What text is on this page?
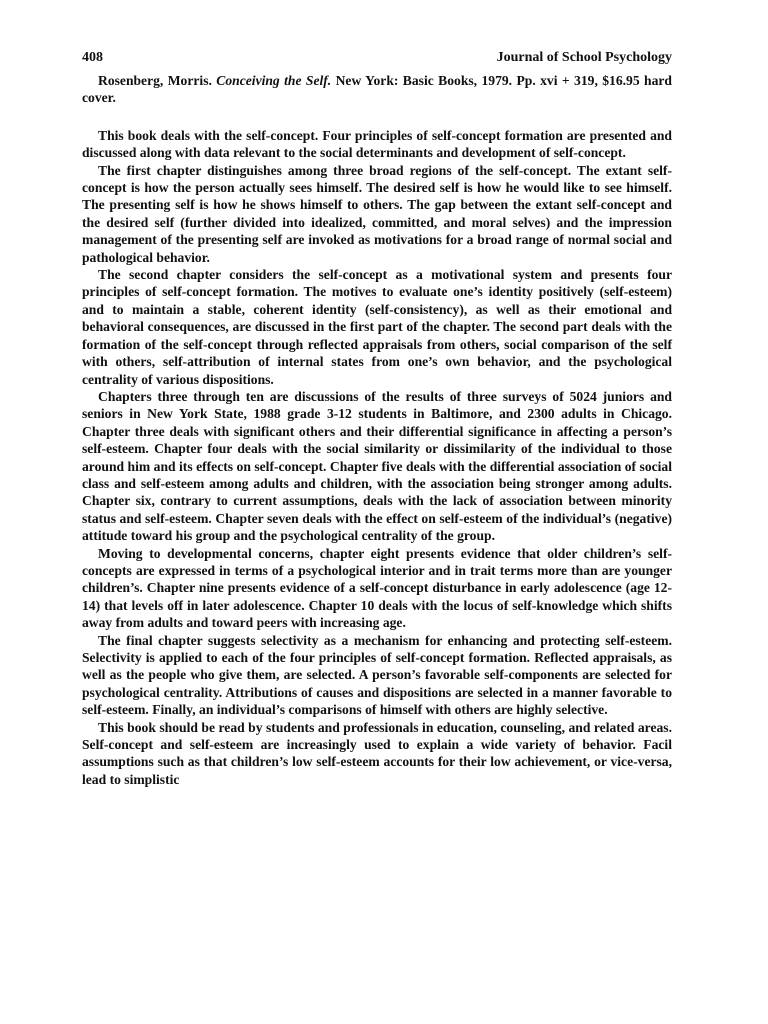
408	Journal of School Psychology

Rosenberg, Morris. Conceiving the Self. New York: Basic Books, 1979. Pp. xvi + 319, $16.95 hard cover.

This book deals with the self-concept. Four principles of self-concept formation are presented and discussed along with data relevant to the social determinants and development of self-concept.

The first chapter distinguishes among three broad regions of the self-concept. The extant self-concept is how the person actually sees himself. The desired self is how he would like to see himself. The presenting self is how he shows himself to others. The gap between the extant self-concept and the desired self (further divided into idealized, committed, and moral selves) and the impression management of the presenting self are invoked as motivations for a broad range of normal social and pathological behavior.

The second chapter considers the self-concept as a motivational system and presents four principles of self-concept formation. The motives to evaluate one’s identity positively (self-esteem) and to maintain a stable, coherent identity (self-consistency), as well as their emotional and behavioral consequences, are discussed in the first part of the chapter. The second part deals with the formation of the self-concept through reflected appraisals from others, social comparison of the self with others, self-attribution of internal states from one’s own behavior, and the psychological centrality of various dispositions.

Chapters three through ten are discussions of the results of three surveys of 5024 juniors and seniors in New York State, 1988 grade 3-12 students in Baltimore, and 2300 adults in Chicago. Chapter three deals with significant others and their differential significance in affecting a person’s self-esteem. Chapter four deals with the social similarity or dissimilarity of the individual to those around him and its effects on self-concept. Chapter five deals with the differential association of social class and self-esteem among adults and children, with the association being stronger among adults. Chapter six, contrary to current assumptions, deals with the lack of association between minority status and self-esteem. Chapter seven deals with the effect on self-esteem of the individual’s (negative) attitude toward his group and the psychological centrality of the group.

Moving to developmental concerns, chapter eight presents evidence that older children’s self-concepts are expressed in terms of a psychological interior and in trait terms more than are younger children’s. Chapter nine presents evidence of a self-concept disturbance in early adolescence (age 12-14) that levels off in later adolescence. Chapter 10 deals with the locus of self-knowledge which shifts away from adults and toward peers with increasing age.

The final chapter suggests selectivity as a mechanism for enhancing and protecting self-esteem. Selectivity is applied to each of the four principles of self-concept formation. Reflected appraisals, as well as the people who give them, are selected. A person’s favorable self-components are selected for psychological centrality. Attributions of causes and dispositions are selected in a manner favorable to self-esteem. Finally, an individual’s comparisons of himself with others are highly selective.

This book should be read by students and professionals in education, counseling, and related areas. Self-concept and self-esteem are increasingly used to explain a wide variety of behavior. Facil assumptions such as that children’s low self-esteem accounts for their low achievement, or vice-versa, lead to simplistic
